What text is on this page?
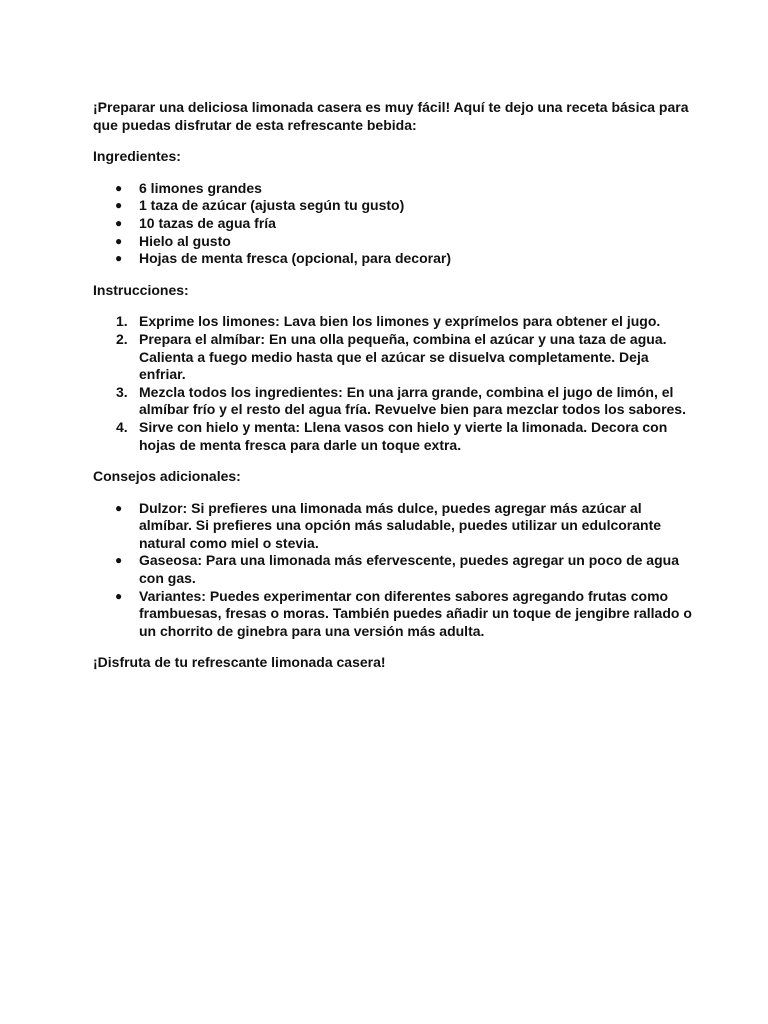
¡Preparar una deliciosa limonada casera es muy fácil! Aquí te dejo una receta básica para que puedas disfrutar de esta refrescante bebida:

Ingredientes:

● 6 limones grandes
● 1 taza de azúcar (ajusta según tu gusto)
● 10 tazas de agua fría
● Hielo al gusto
● Hojas de menta fresca (opcional, para decorar)

Instrucciones:

1. Exprime los limones: Lava bien los limones y exprímelos para obtener el jugo.
2. Prepara el almíbar: En una olla pequeña, combina el azúcar y una taza de agua. Calienta a fuego medio hasta que el azúcar se disuelva completamente. Deja enfriar.
3. Mezcla todos los ingredientes: En una jarra grande, combina el jugo de limón, el almíbar frío y el resto del agua fría. Revuelve bien para mezclar todos los sabores.
4. Sirve con hielo y menta: Llena vasos con hielo y vierte la limonada. Decora con hojas de menta fresca para darle un toque extra.

Consejos adicionales:

● Dulzor: Si prefieres una limonada más dulce, puedes agregar más azúcar al almíbar. Si prefieres una opción más saludable, puedes utilizar un edulcorante natural como miel o stevia.
● Gaseosa: Para una limonada más efervescente, puedes agregar un poco de agua con gas.
● Variantes: Puedes experimentar con diferentes sabores agregando frutas como frambuesas, fresas o moras. También puedes añadir un toque de jengibre rallado o un chorrito de ginebra para una versión más adulta.

¡Disfruta de tu refrescante limonada casera!
